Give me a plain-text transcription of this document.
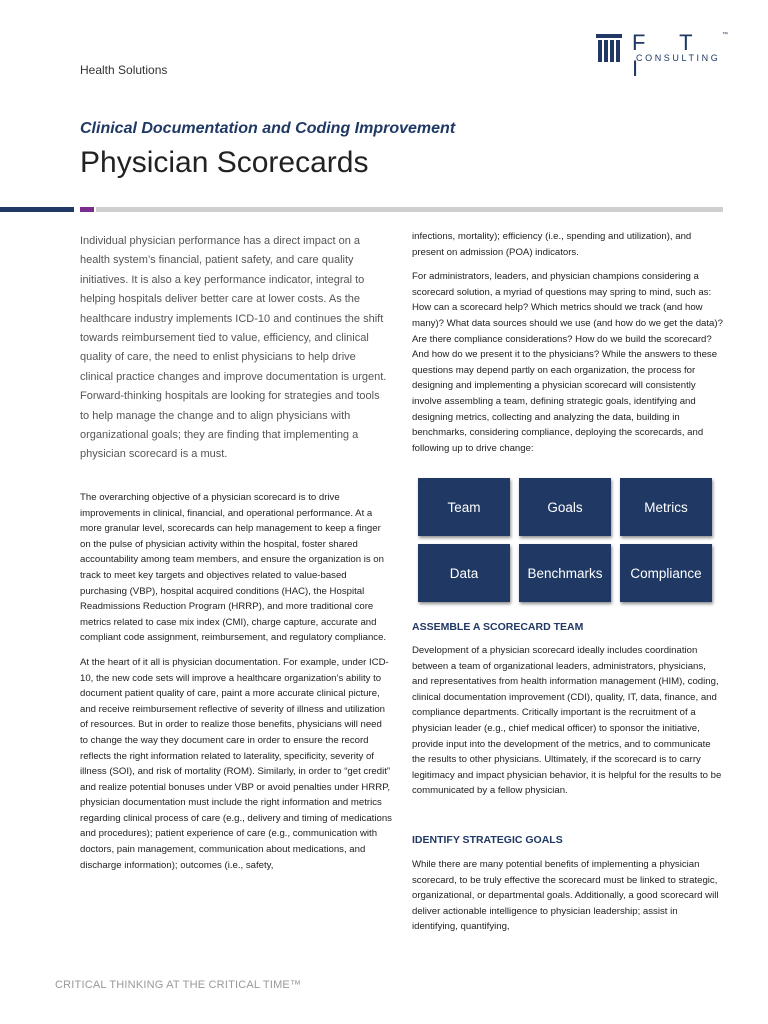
Health Solutions
F T I
™
CONSULTING
Clinical Documentation and Coding Improvement
Physician Scorecards
Individual physician performance has a direct impact on a health system’s financial, patient safety, and care quality initiatives. It is also a key performance indicator, integral to helping hospitals deliver better care at lower costs. As the healthcare industry implements ICD-10 and continues the shift towards reimbursement tied to value, efficiency, and clinical quality of care, the need to enlist physicians to help drive clinical practice changes and improve documentation is urgent. Forward-thinking hospitals are looking for strategies and tools to help manage the change and to align physicians with organizational goals; they are finding that implementing a physician scorecard is a must.

The overarching objective of a physician scorecard is to drive improvements in clinical, financial, and operational performance. At a more granular level, scorecards can help management to keep a finger on the pulse of physician activity within the hospital, foster shared accountability among team members, and ensure the organization is on track to meet key targets and objectives related to value-based purchasing (VBP), hospital acquired conditions (HAC), the Hospital Readmissions Reduction Program (HRRP), and more traditional core metrics related to case mix index (CMI), charge capture, accurate and compliant code assignment, reimbursement, and regulatory compliance.

At the heart of it all is physician documentation. For example, under ICD-10, the new code sets will improve a healthcare organization’s ability to document patient quality of care, paint a more accurate clinical picture, and receive reimbursement reflective of severity of illness and utilization of resources. But in order to realize those benefits, physicians will need to change the way they document care in order to ensure the record reflects the right information related to laterality, specificity, severity of illness (SOI), and risk of mortality (ROM). Similarly, in order to “get credit” and realize potential bonuses under VBP or avoid penalties under HRRP, physician documentation must include the right information and metrics regarding clinical process of care (e.g., delivery and timing of medications and procedures); patient experience of care (e.g., communication with doctors, pain management, communication about medications, and discharge information); outcomes (i.e., safety,

infections, mortality); efficiency (i.e., spending and utilization), and present on admission (POA) indicators.

For administrators, leaders, and physician champions considering a scorecard solution, a myriad of questions may spring to mind, such as: How can a scorecard help? Which metrics should we track (and how many)? What data sources should we use (and how do we get the data)? Are there compliance considerations? How do we build the scorecard? And how do we present it to the physicians? While the answers to these questions may depend partly on each organization, the process for designing and implementing a physician scorecard will consistently involve assembling a team, defining strategic goals, identifying and designing metrics, collecting and analyzing the data, building in benchmarks, considering compliance, deploying the scorecards, and following up to drive change:

Team	Goals	Metrics
Data	Benchmarks	Compliance
ASSEMBLE A SCORECARD TEAM
Development of a physician scorecard ideally includes coordination between a team of organizational leaders, administrators, physicians, and representatives from health information management (HIM), coding, clinical documentation improvement (CDI), quality, IT, data, finance, and compliance departments. Critically important is the recruitment of a physician leader (e.g., chief medical officer) to sponsor the initiative, provide input into the development of the metrics, and to communicate the results to other physicians. Ultimately, if the scorecard is to carry legitimacy and impact physician behavior, it is helpful for the results to be communicated by a fellow physician.
IDENTIFY STRATEGIC GOALS
While there are many potential benefits of implementing a physician scorecard, to be truly effective the scorecard must be linked to strategic, organizational, or departmental goals. Additionally, a good scorecard will deliver actionable intelligence to physician leadership; assist in identifying, quantifying,
CRITICAL THINKING AT THE CRITICAL TIME™
